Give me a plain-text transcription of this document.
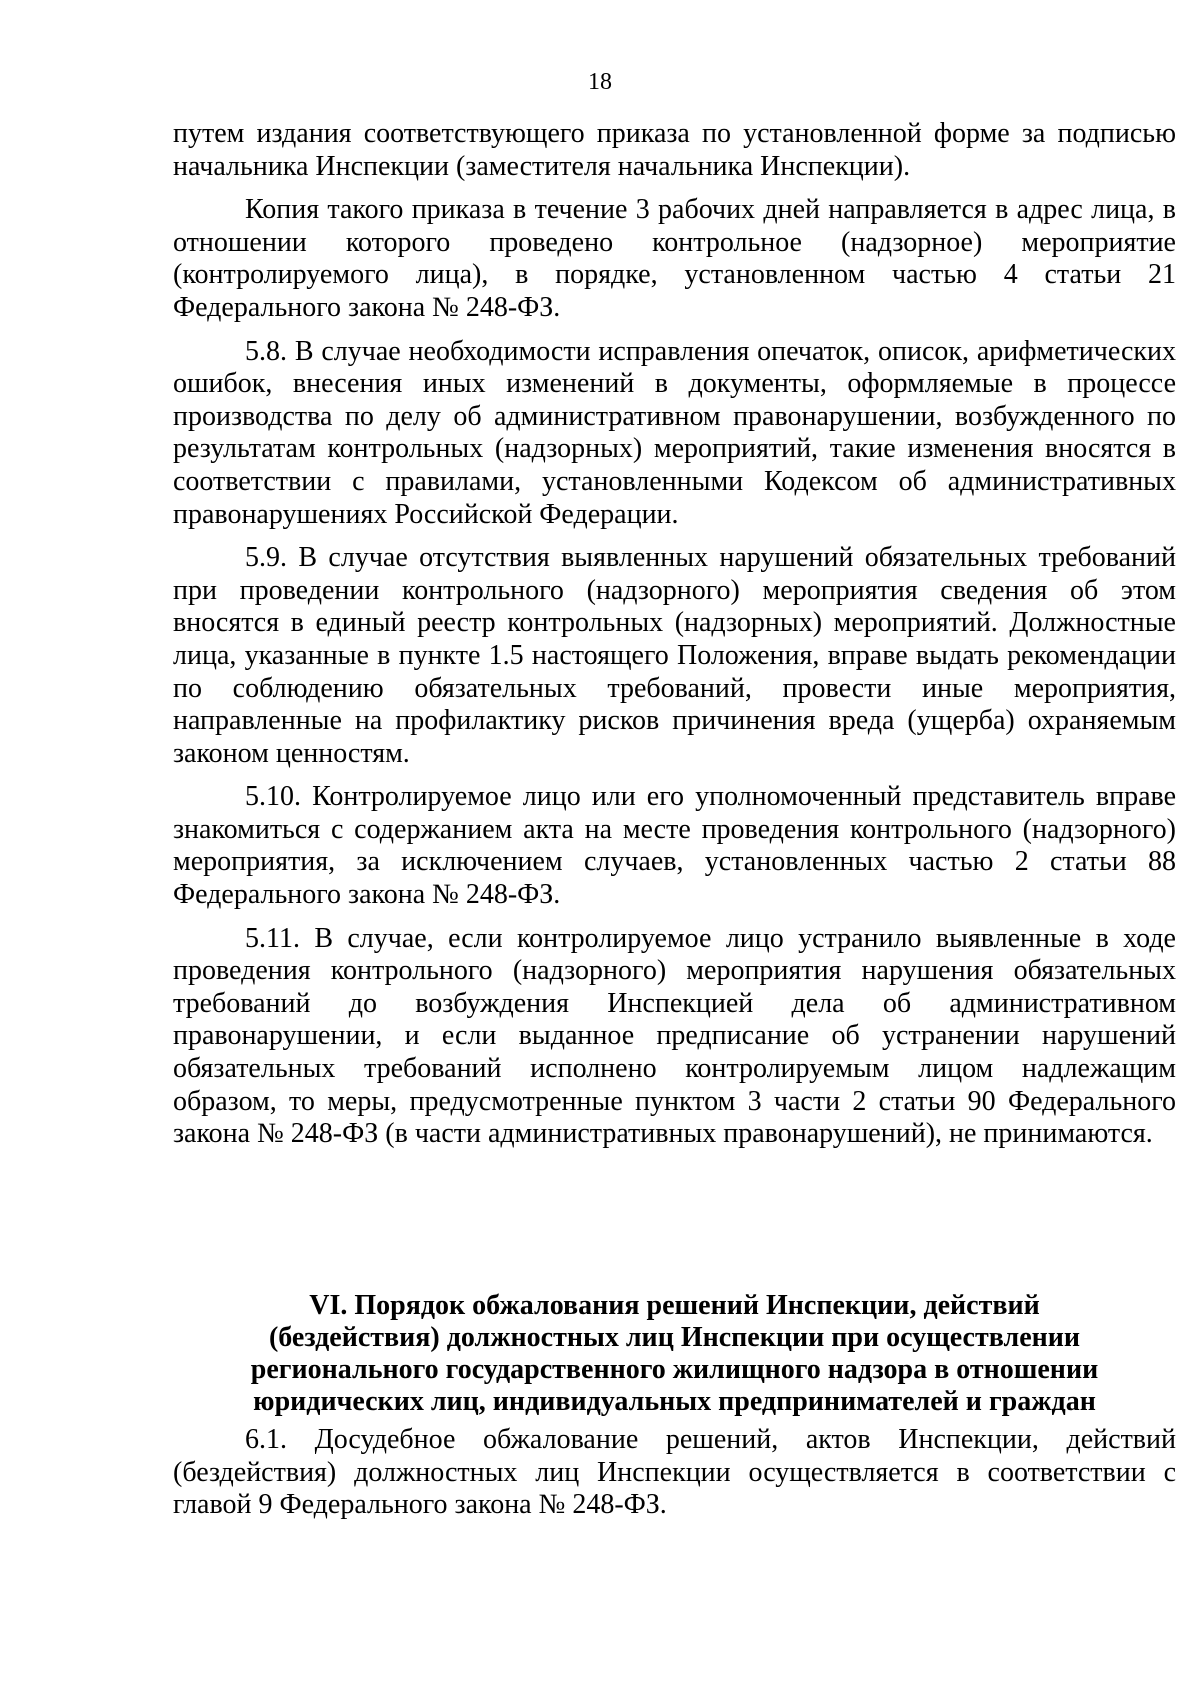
18

путем издания соответствующего приказа по установленной форме за подписью начальника Инспекции (заместителя начальника Инспекции).

Копия такого приказа в течение 3 рабочих дней направляется в адрес лица, в отношении которого проведено контрольное (надзорное) мероприятие (контролируемого лица), в порядке, установленном частью 4 статьи 21 Федерального закона № 248-ФЗ.

5.8. В случае необходимости исправления опечаток, описок, арифметических ошибок, внесения иных изменений в документы, оформляемые в процессе производства по делу об административном правонарушении, возбужденного по результатам контрольных (надзорных) мероприятий, такие изменения вносятся в соответствии с правилами, установленными Кодексом об административных правонарушениях Российской Федерации.

5.9. В случае отсутствия выявленных нарушений обязательных требований при проведении контрольного (надзорного) мероприятия сведения об этом вносятся в единый реестр контрольных (надзорных) мероприятий. Должностные лица, указанные в пункте 1.5 настоящего Положения, вправе выдать рекомендации по соблюдению обязательных требований, провести иные мероприятия, направленные на профилактику рисков причинения вреда (ущерба) охраняемым законом ценностям.

5.10. Контролируемое лицо или его уполномоченный представитель вправе знакомиться с содержанием акта на месте проведения контрольного (надзорного) мероприятия, за исключением случаев, установленных частью 2 статьи 88 Федерального закона № 248-ФЗ.

5.11. В случае, если контролируемое лицо устранило выявленные в ходе проведения контрольного (надзорного) мероприятия нарушения обязательных требований до возбуждения Инспекцией дела об административном правонарушении, и если выданное предписание об устранении нарушений обязательных требований исполнено контролируемым лицом надлежащим образом, то меры, предусмотренные пунктом 3 части 2 статьи 90 Федерального закона № 248-ФЗ (в части административных правонарушений), не принимаются.

VI. Порядок обжалования решений Инспекции, действий
(бездействия) должностных лиц Инспекции при осуществлении
регионального государственного жилищного надзора в отношении
юридических лиц, индивидуальных предпринимателей и граждан

6.1. Досудебное обжалование решений, актов Инспекции, действий (бездействия) должностных лиц Инспекции осуществляется в соответствии с главой 9 Федерального закона № 248-ФЗ.
